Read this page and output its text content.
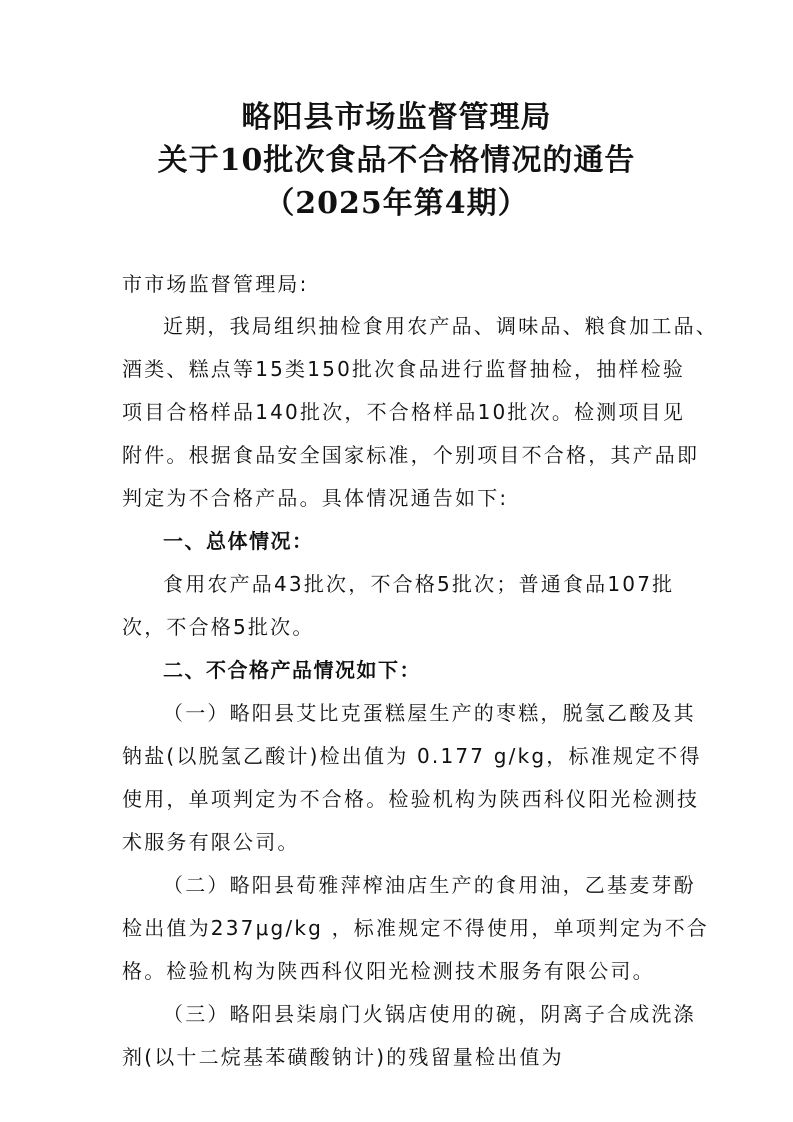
略阳县市场监督管理局
关于10批次食品不合格情况的通告
（2025年第4期）
市市场监督管理局:
近期，我局组织抽检食用农产品、调味品、粮食加工品、
酒类、糕点等15类150批次食品进行监督抽检，抽样检验
项目合格样品140批次，不合格样品10批次。检测项目见
附件。根据食品安全国家标准，个别项目不合格，其产品即
判定为不合格产品。具体情况通告如下:
一、总体情况：
食用农产品43批次，不合格5批次；普通食品107批
次，不合格5批次。
二、不合格产品情况如下：
（一）略阳县艾比克蛋糕屋生产的枣糕，脱氢乙酸及其
钠盐(以脱氢乙酸计)检出值为 0.177 g/kg，标准规定不得
使用，单项判定为不合格。检验机构为陕西科仪阳光检测技
术服务有限公司。
（二）略阳县荀雅萍榨油店生产的食用油，乙基麦芽酚
检出值为237μg/kg ，标准规定不得使用，单项判定为不合
格。检验机构为陕西科仪阳光检测技术服务有限公司。
（三）略阳县柒扇门火锅店使用的碗，阴离子合成洗涤
剂(以十二烷基苯磺酸钠计)的残留量检出值为
